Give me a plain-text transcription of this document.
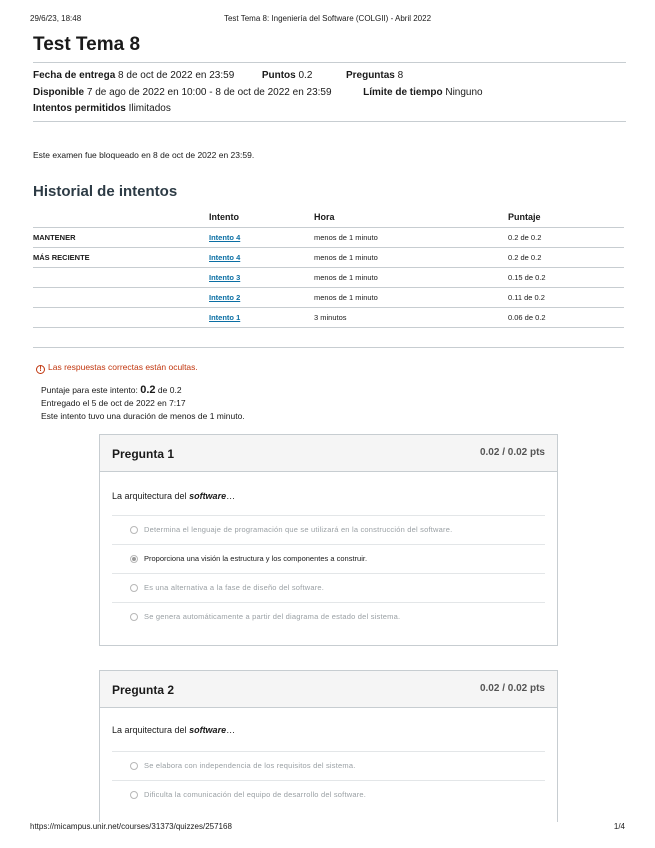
29/6/23, 18:48	Test Tema 8: Ingeniería del Software (COLGII) - Abril 2022
Test Tema 8
Fecha de entrega 8 de oct de 2022 en 23:59	Puntos 0.2	Preguntas 8
Disponible 7 de ago de 2022 en 10:00 - 8 de oct de 2022 en 23:59	Límite de tiempo Ninguno
Intentos permitidos Ilimitados
Este examen fue bloqueado en 8 de oct de 2022 en 23:59.
Historial de intentos
	Intento	Hora	Puntaje
MANTENER	Intento 4	menos de 1 minuto	0.2 de 0.2
MÁS RECIENTE	Intento 4	menos de 1 minuto	0.2 de 0.2
	Intento 3	menos de 1 minuto	0.15 de 0.2
	Intento 2	menos de 1 minuto	0.11 de 0.2
	Intento 1	3 minutos	0.06 de 0.2

! Las respuestas correctas están ocultas.
Puntaje para este intento: 0.2 de 0.2
Entregado el 5 de oct de 2022 en 7:17
Este intento tuvo una duración de menos de 1 minuto.
Pregunta 1	0.02 / 0.02 pts
La arquitectura del software…
Determina el lenguaje de programación que se utilizará en la construcción del software.
Proporciona una visión la estructura y los componentes a construir.
Es una alternativa a la fase de diseño del software.
Se genera automáticamente a partir del diagrama de estado del sistema.
Pregunta 2	0.02 / 0.02 pts
La arquitectura del software…
Se elabora con independencia de los requisitos del sistema.
Dificulta la comunicación del equipo de desarrollo del software.
https://micampus.unir.net/courses/31373/quizzes/257168	1/4
